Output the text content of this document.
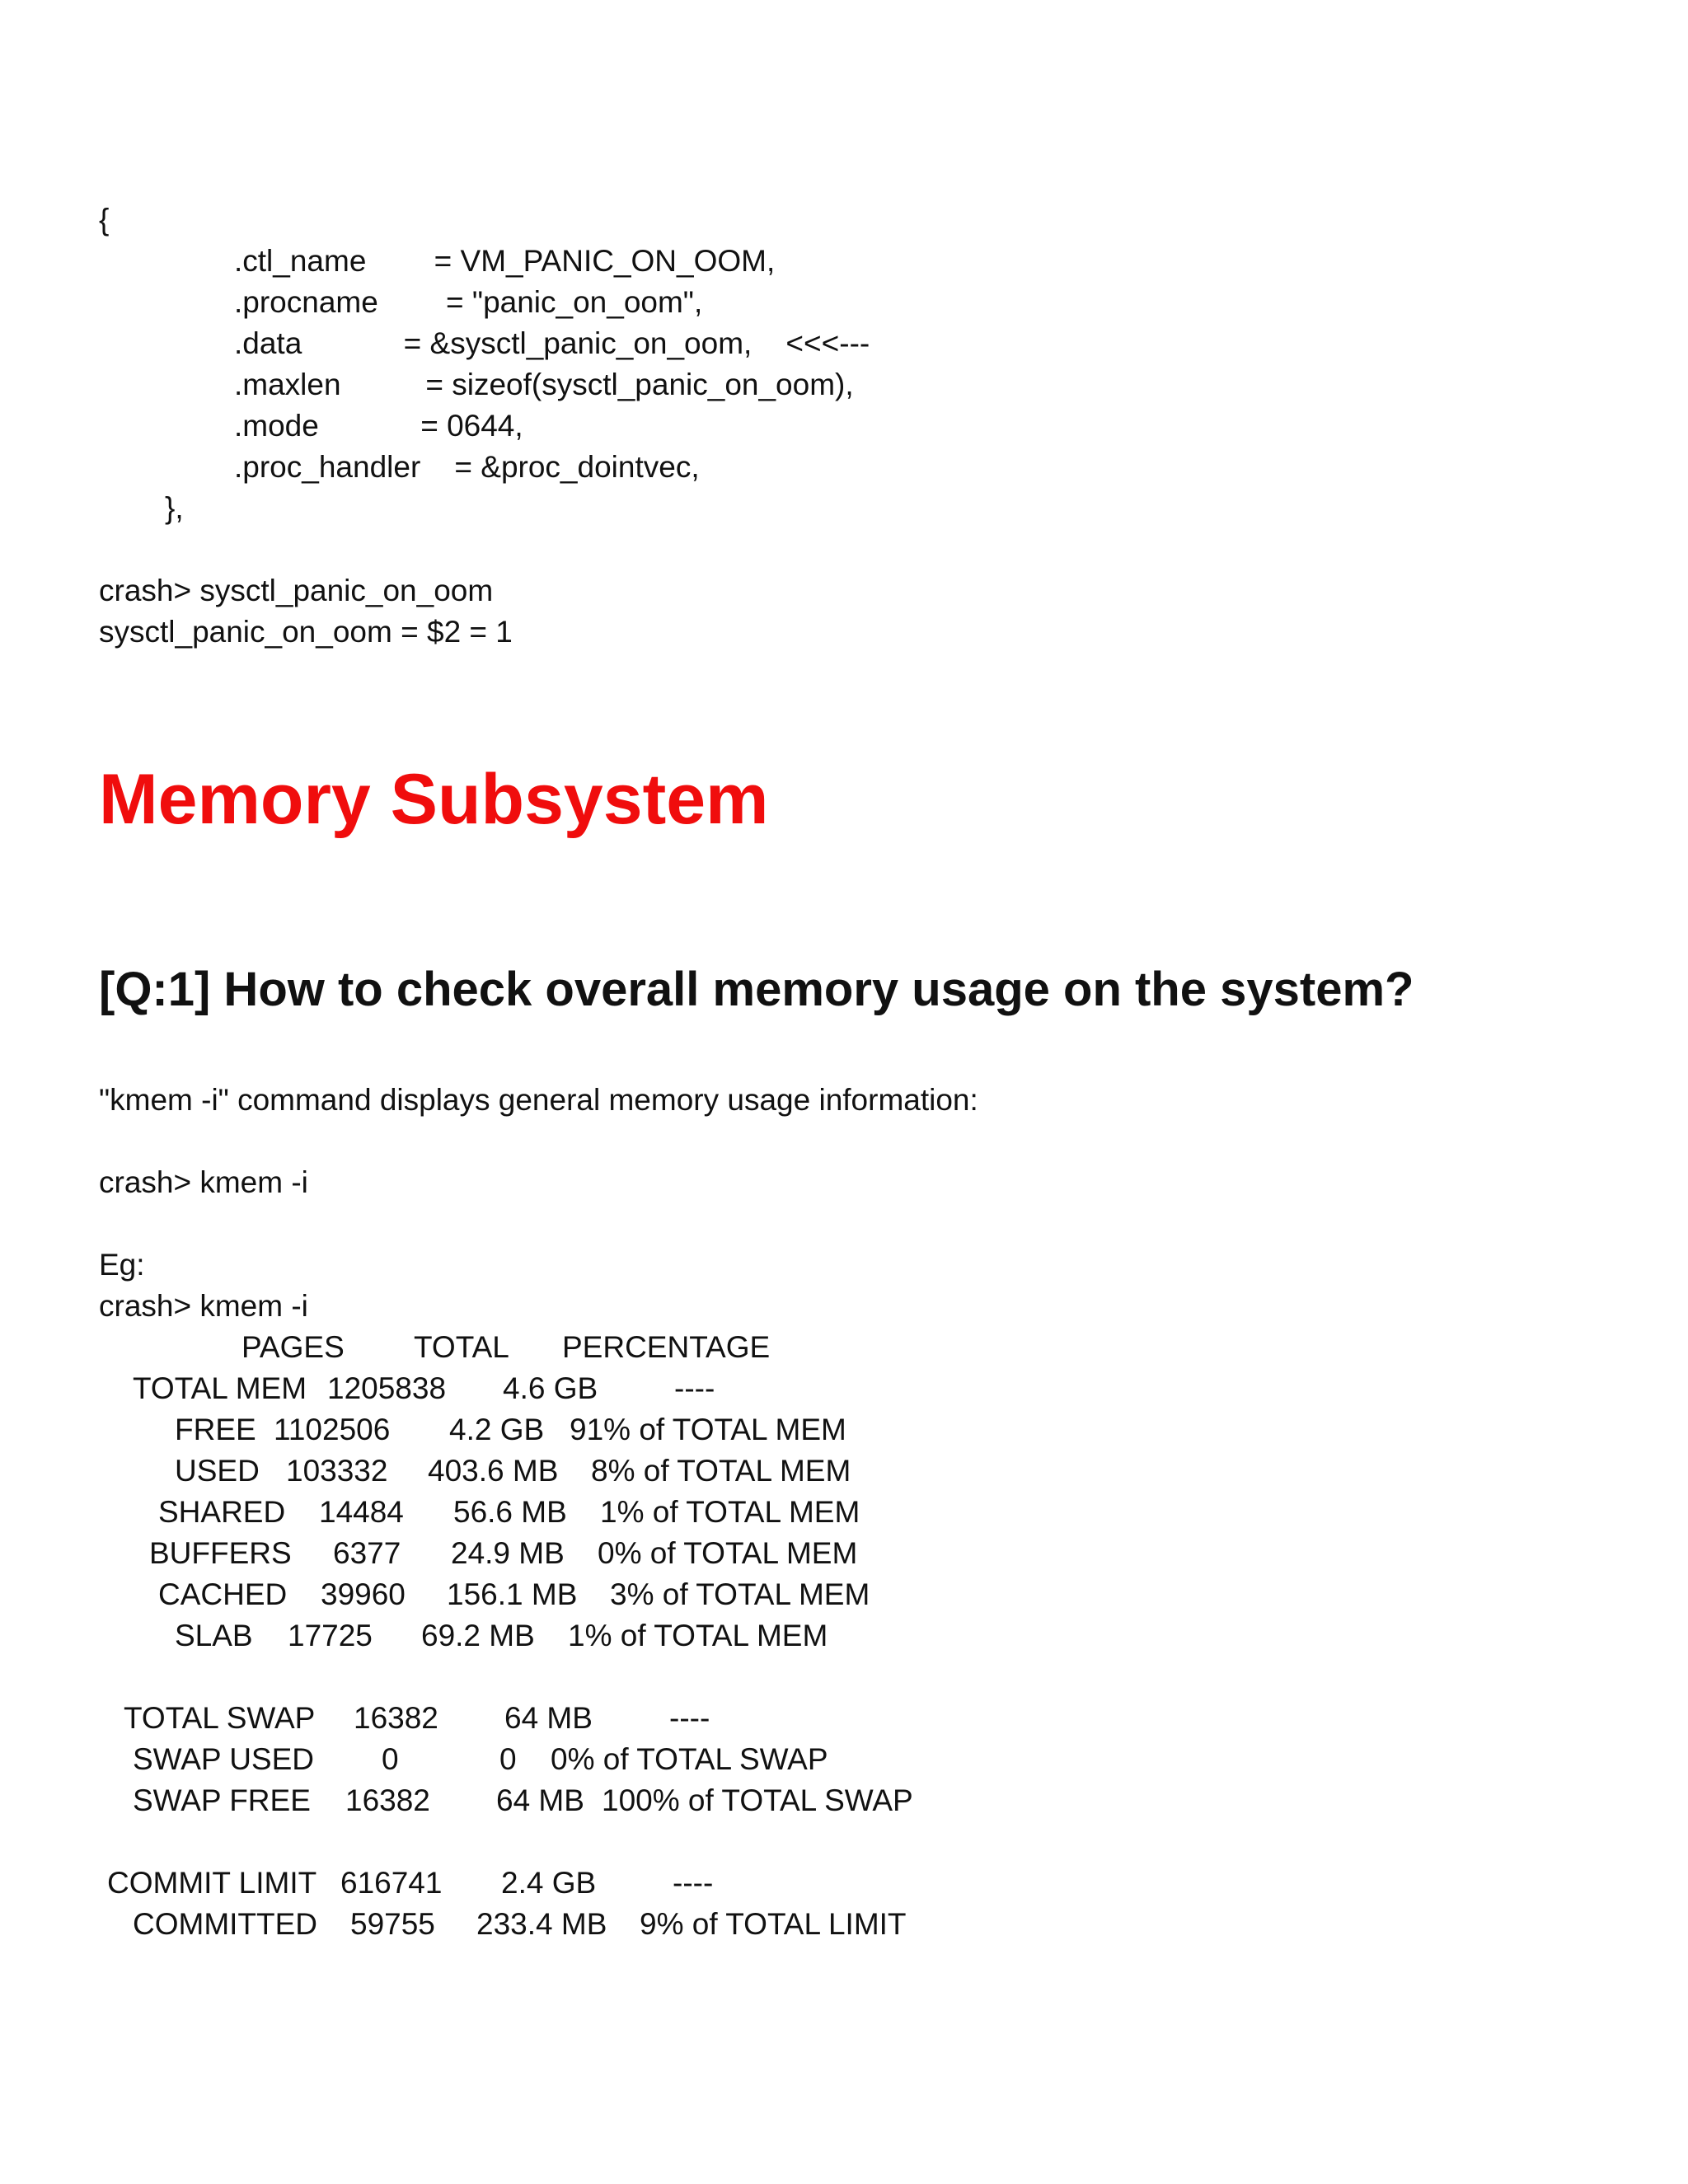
{
.ctl_name        = VM_PANIC_ON_OOM,
.procname        = "panic_on_oom",
.data            = &sysctl_panic_on_oom,    <<<---
.maxlen          = sizeof(sysctl_panic_on_oom),
.mode            = 0644,
.proc_handler    = &proc_dointvec,
},
crash> sysctl_panic_on_oom
sysctl_panic_on_oom = $2 = 1
Memory Subsystem
[Q:1] How to check overall memory usage on the system?
"kmem -i" command displays general memory usage information:
crash> kmem -i
Eg:
crash> kmem -i
PAGES TOTAL PERCENTAGE
TOTAL MEM 1205838 4.6 GB	----
FREE 1102506 4.2 GB 91% of TOTAL MEM
USED 103332 403.6 MB 8% of TOTAL MEM
SHARED 14484 56.6 MB 1% of TOTAL MEM
BUFFERS 6377 24.9 MB 0% of TOTAL MEM
CACHED 39960 156.1 MB 3% of TOTAL MEM
SLAB 17725 69.2 MB 1% of TOTAL MEM
TOTAL SWAP 16382 64 MB	----
SWAP USED 0	0 0% of TOTAL SWAP
SWAP FREE 16382 64 MB 100% of TOTAL SWAP
COMMIT LIMIT 616741 2.4 GB	----
COMMITTED 59755 233.4 MB 9% of TOTAL LIMIT
